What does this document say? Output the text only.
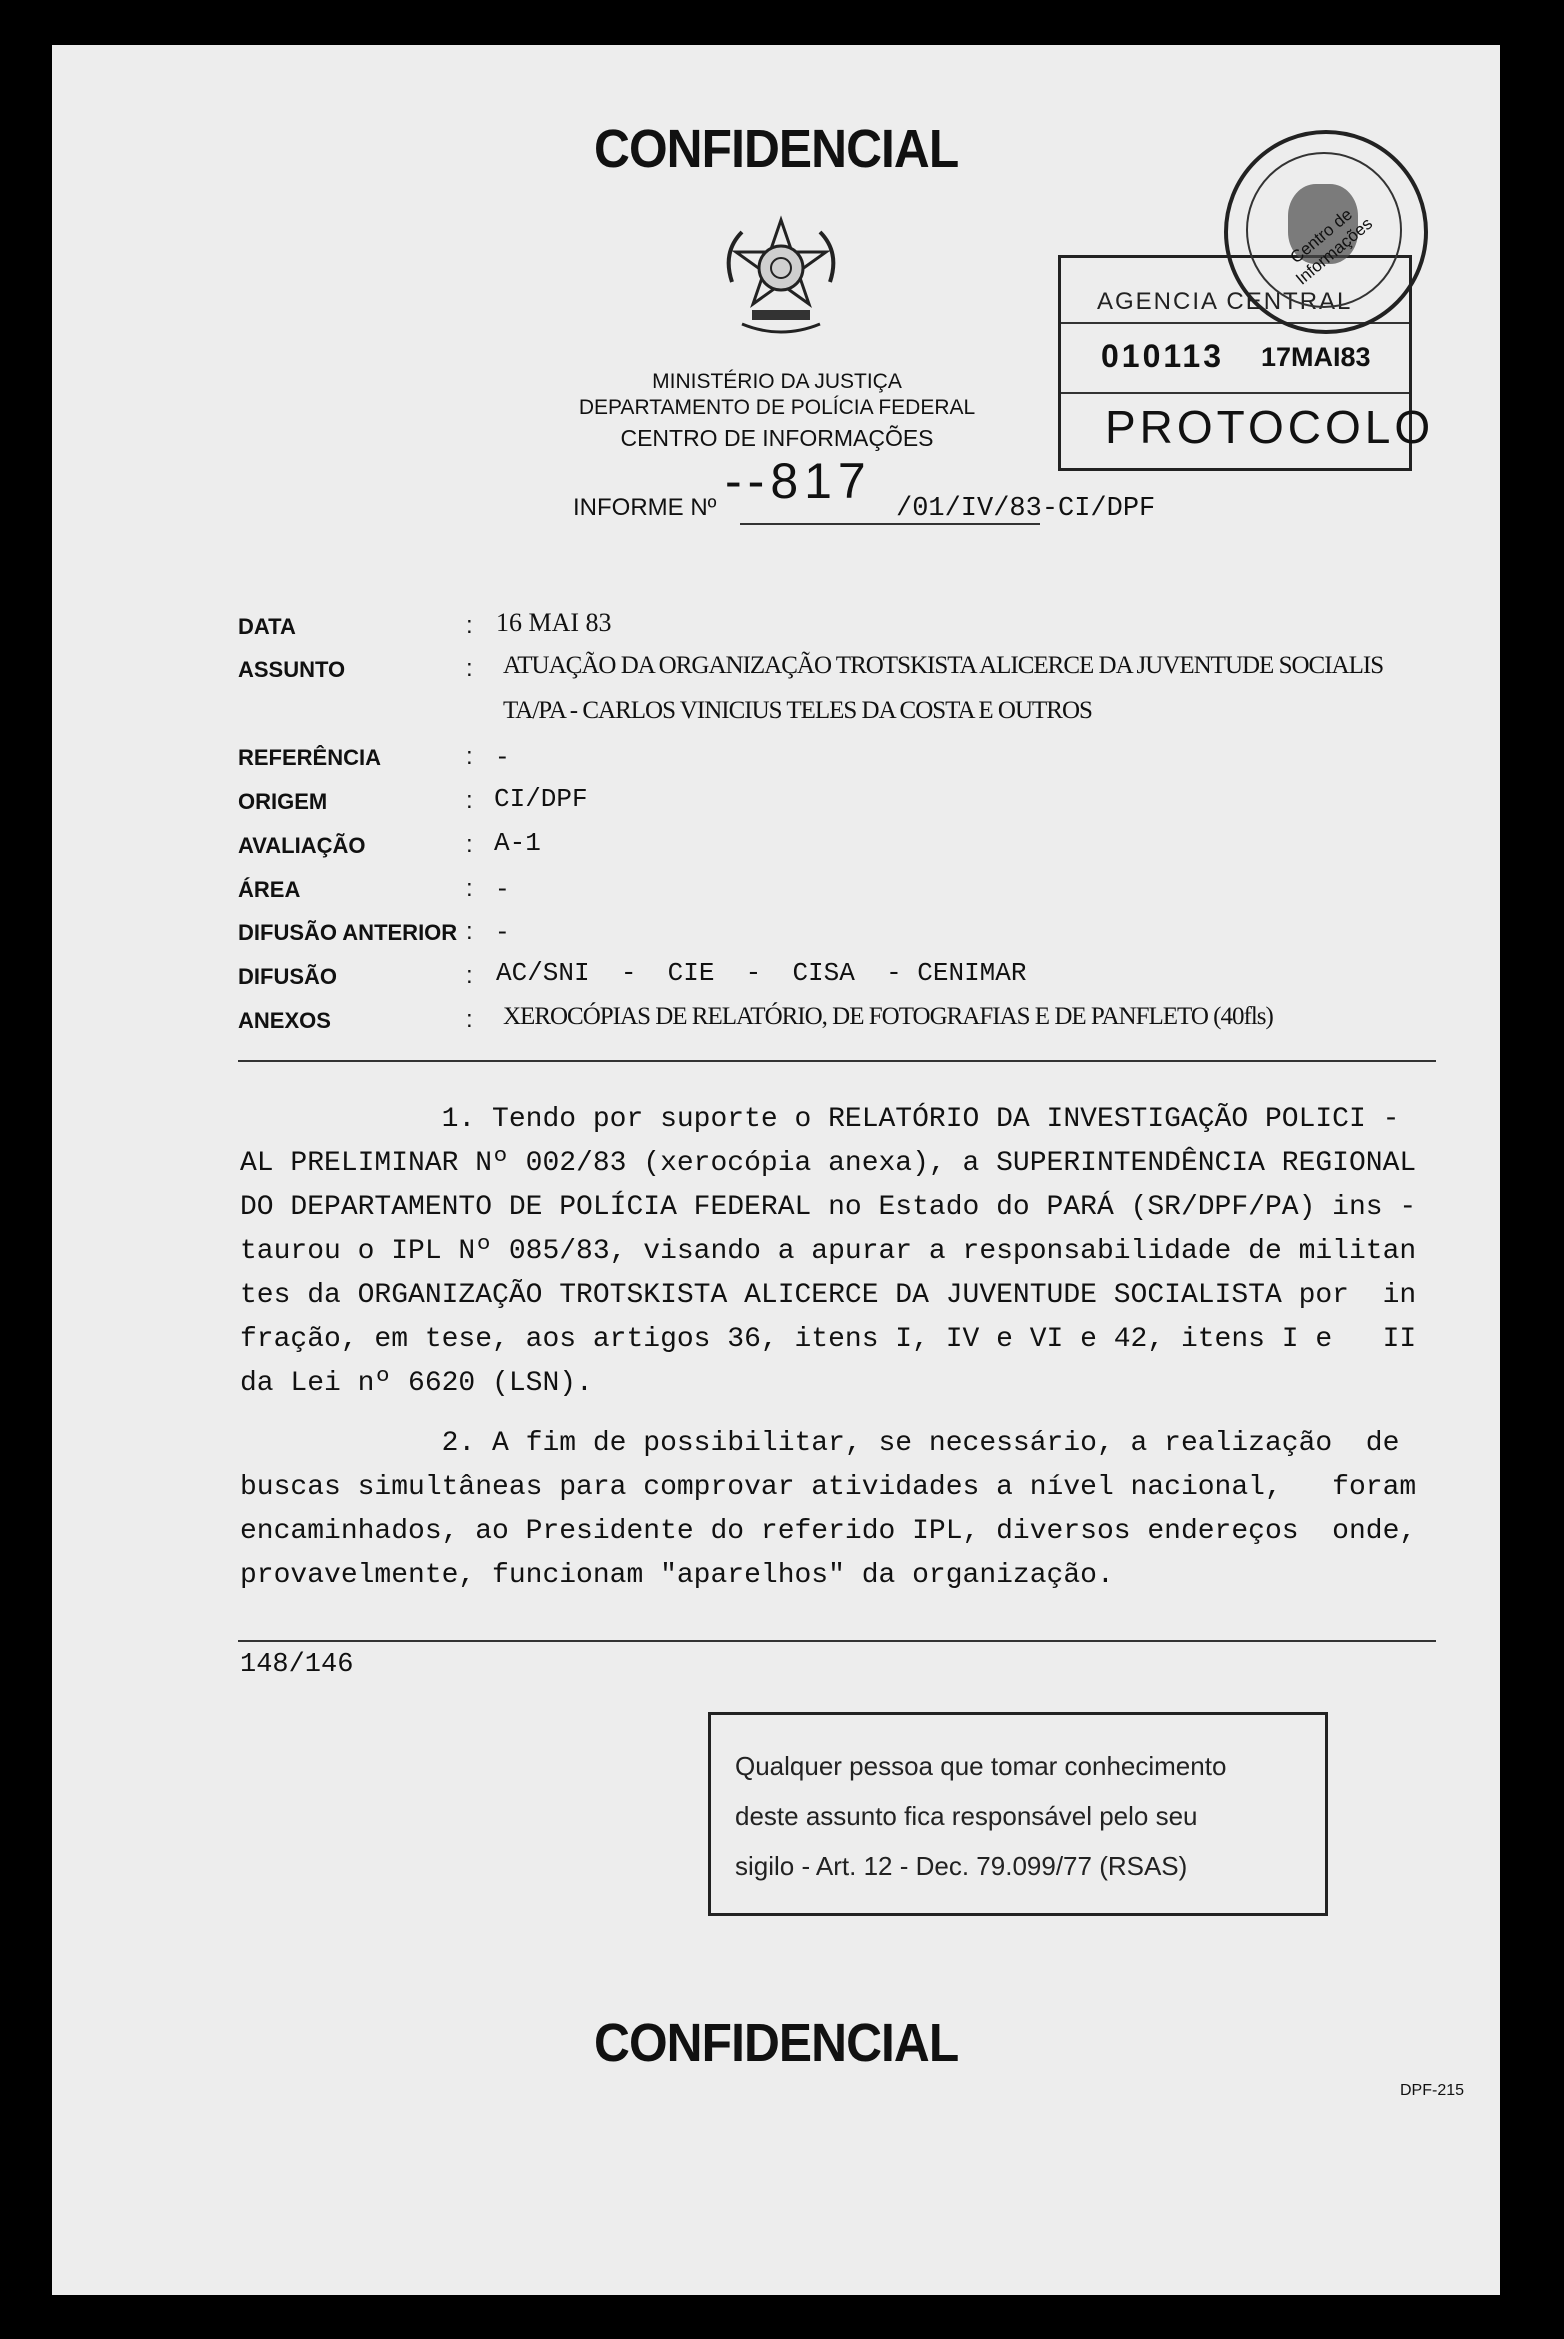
CONFIDENCIAL
MINISTÉRIO DA JUSTIÇA
DEPARTAMENTO DE POLÍCIA FEDERAL
CENTRO DE INFORMAÇÕES
INFORME Nº --817 /01/IV/83-CI/DPF
AGENCIA CENTRAL
010113 17MAI83
PROTOCOLO
Centro de Informações
DATA	: 16 MAI 83
ASSUNTO	: ATUAÇÃO DA ORGANIZAÇÃO TROTSKISTA ALICERCE DA JUVENTUDE SOCIALIS
TA/PA - CARLOS VINICIUS TELES DA COSTA E OUTROS
REFERÊNCIA	: -
ORIGEM	: CI/DPF
AVALIAÇÃO	: A-1
ÁREA	: -
DIFUSÃO ANTERIOR : -
DIFUSÃO	: AC/SNI  -  CIE  -  CISA  - CENIMAR
ANEXOS	: XEROCÓPIAS DE RELATÓRIO, DE FOTOGRAFIAS E DE PANFLETO (40fls)
1. Tendo por suporte o RELATÓRIO DA INVESTIGAÇÃO POLICI -
AL PRELIMINAR Nº 002/83 (xerocópia anexa), a SUPERINTENDÊNCIA REGIONAL
DO DEPARTAMENTO DE POLÍCIA FEDERAL no Estado do PARÁ (SR/DPF/PA) ins -
taurou o IPL Nº 085/83, visando a apurar a responsabilidade de militan
tes da ORGANIZAÇÃO TROTSKISTA ALICERCE DA JUVENTUDE SOCIALISTA por  in
fração, em tese, aos artigos 36, itens I, IV e VI e 42, itens I e   II
da Lei nº 6620 (LSN).
2. A fim de possibilitar, se necessário, a realização  de
buscas simultâneas para comprovar atividades a nível nacional,   foram
encaminhados, ao Presidente do referido IPL, diversos endereços  onde,
provavelmente, funcionam "aparelhos" da organização.
148/146
Qualquer pessoa que tomar conhecimento
deste assunto fica responsável pelo seu
sigilo - Art. 12 - Dec. 79.099/77 (RSAS)
CONFIDENCIAL
DPF-215
